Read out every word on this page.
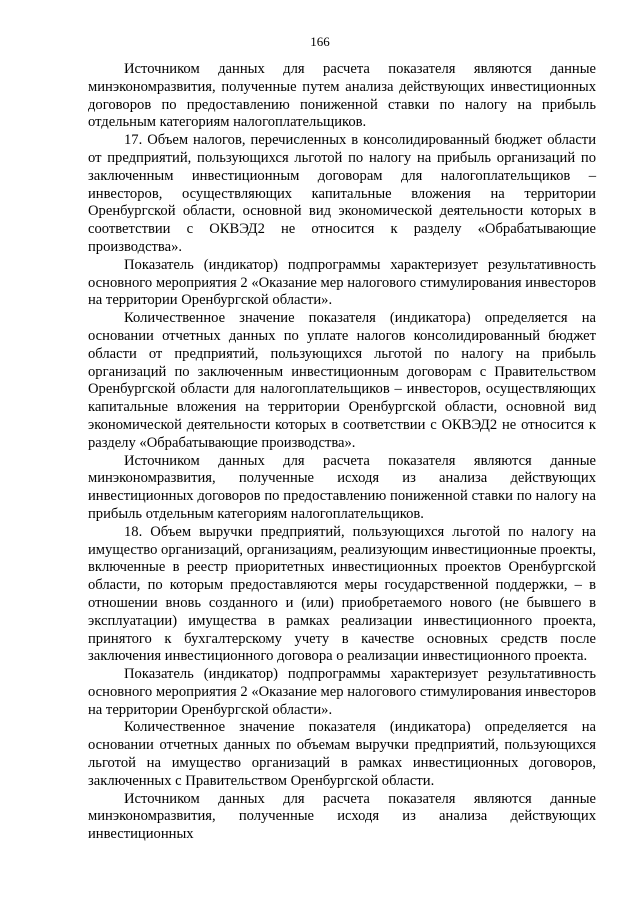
166

Источником данных для расчета показателя являются данные минэкономразвития, полученные путем анализа действующих инвестиционных договоров по предоставлению пониженной ставки по налогу на прибыль отдельным категориям налогоплательщиков.

17. Объем налогов, перечисленных в консолидированный бюджет области от предприятий, пользующихся льготой по налогу на прибыль организаций по заключенным инвестиционным договорам для налогоплательщиков – инвесторов, осуществляющих капитальные вложения на территории Оренбургской области, основной вид экономической деятельности которых в соответствии с ОКВЭД2 не относится к разделу «Обрабатывающие производства».

Показатель (индикатор) подпрограммы характеризует результативность основного мероприятия 2 «Оказание мер налогового стимулирования инвесторов на территории Оренбургской области».

Количественное значение показателя (индикатора) определяется на основании отчетных данных по уплате налогов консолидированный бюджет области от предприятий, пользующихся льготой по налогу на прибыль организаций по заключенным инвестиционным договорам с Правительством Оренбургской области для налогоплательщиков – инвесторов, осуществляющих капитальные вложения на территории Оренбургской области, основной вид экономической деятельности которых в соответствии с ОКВЭД2 не относится к разделу «Обрабатывающие производства».

Источником данных для расчета показателя являются данные минэкономразвития, полученные исходя из анализа действующих инвестиционных договоров по предоставлению пониженной ставки по налогу на прибыль отдельным категориям налогоплательщиков.

18. Объем выручки предприятий, пользующихся льготой по налогу на имущество организаций, организациям, реализующим инвестиционные проекты, включенные в реестр приоритетных инвестиционных проектов Оренбургской области, по которым предоставляются меры государственной поддержки, – в отношении вновь созданного и (или) приобретаемого нового (не бывшего в эксплуатации) имущества в рамках реализации инвестиционного проекта, принятого к бухгалтерскому учету в качестве основных средств после заключения инвестиционного договора о реализации инвестиционного проекта.

Показатель (индикатор) подпрограммы характеризует результативность основного мероприятия 2 «Оказание мер налогового стимулирования инвесторов на территории Оренбургской области».

Количественное значение показателя (индикатора) определяется на основании отчетных данных по объемам выручки предприятий, пользующихся льготой на имущество организаций в рамках инвестиционных договоров, заключенных с Правительством Оренбургской области.

Источником данных для расчета показателя являются данные минэкономразвития, полученные исходя из анализа действующих инвестиционных
